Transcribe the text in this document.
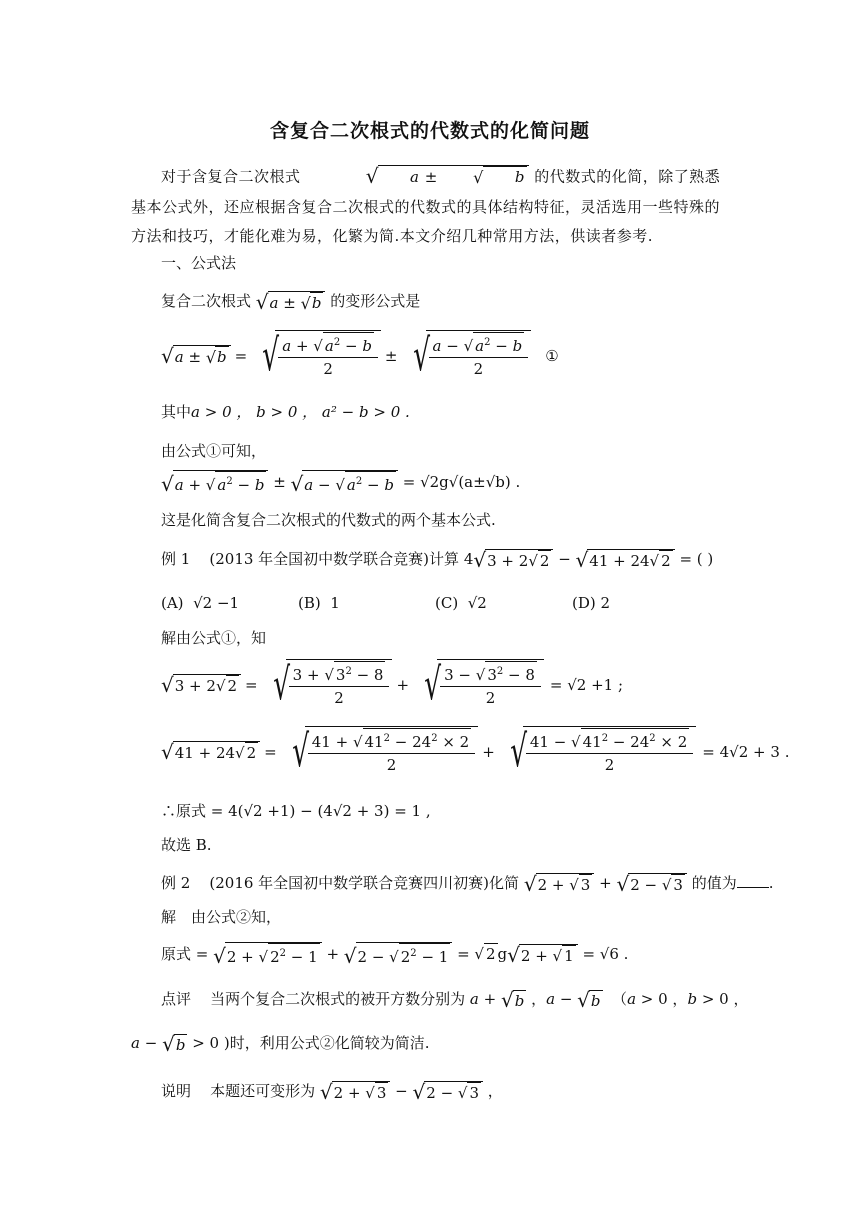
含复合二次根式的代数式的化简问题
对于含复合二次根式	√ a ± √ b 的代数式的化简，除了熟悉基本公式外，还应根据含复合二次根式的代数式的具体结构特征，灵活选用一些特殊的方法和技巧，才能化难为易，化繁为简.本文介绍几种常用方法，供读者参考.
一、公式法
复合二次根式 √a ± √b 的变形公式是
√a ± √b = √ $\frac{a + √ a^2 - b}{2}$ ± √ $\frac{a - √ a^2 - b}{2}$ ①
其中a > 0 ， b > 0 ， a² − b > 0 .
由公式①可知，
√a + √ $a^2 - b \pm √a$ − √ $a^2 - b = √2g√(a\pm√b)$ .
这是化简含复合二次根式的代数式的两个基本公式.
例 1 (2013 年全国初中数学联合竞赛)计算 4√3 + 2√ 2 − √41 + 24√ 2 = ( )
(A) √2 −1	(B) 1	(C) √2	(D) 2
解由公式①，知
√3 + 2√ 2 = √ $\frac{3 + √ 3^2 - 8}{2}$ + √ $\frac{3 - √ 3^2 - 8}{2} = √2 +1$ ;
√41 + 24√ 2 = √ $\frac{41 + √ 41^2 - 24^2 \times 2}{2}$ + √ $\frac{41 - √ 41^2 - 24^2 \times 2}{2} = 4√2 + 3$ .
∴原式 = 4(√2 +1) − (4√2 + 3) = 1 ,
故选 B.
例 2 (2016 年全国初中数学联合竞赛四川初赛)化简 √2 + √ 3 + √2 − √ 3 的值为 .
解　由公式②知，
原式 = √2 + √ $2^2 - 1 + √2$ − √ $2^2 - 1$ = √ 2 g√2 + √ 1 = √6 .
点评 当两个复合二次根式的被开方数分别为 a + √b ，a − √b  （a > 0 ，b > 0 ，
a − √b > 0 )时，利用公式②化简较为简洁.
说明 本题还可变形为 √2 + √ 3 − √2 − √ 3 ，
